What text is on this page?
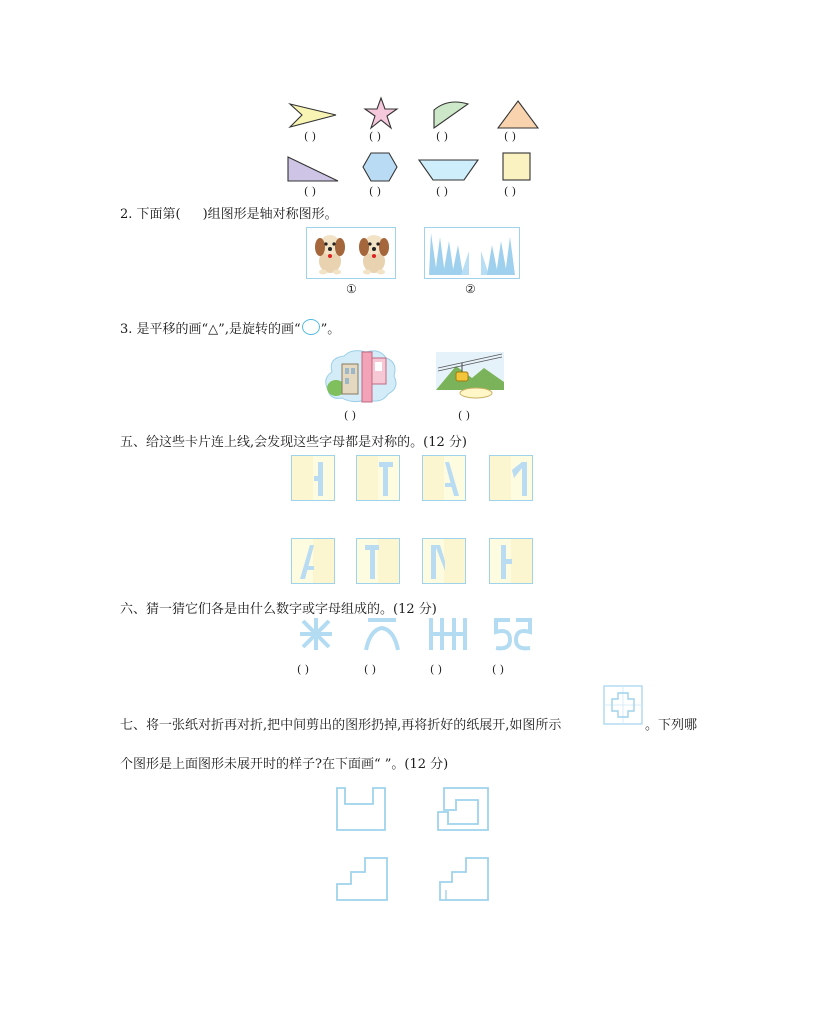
( )	( )	( )	( )
( )	( )	( )	( )
2. 下面第( )组图形是轴对称图形。
①	②
3. 是平移的画“△”,是旋转的画“ ”。
( )	( )
五、给这些卡片连上线,会发现这些字母都是对称的。(12 分)
六、猜一猜它们各是由什么数字或字母组成的。(12 分)
( )	( )	( )	( )
七、将一张纸对折再对折,把中间剪出的图形扔掉,再将折好的纸展开,如图所示	。下列哪
个图形是上面图形未展开时的样子?在下面画“ ”。(12 分)
